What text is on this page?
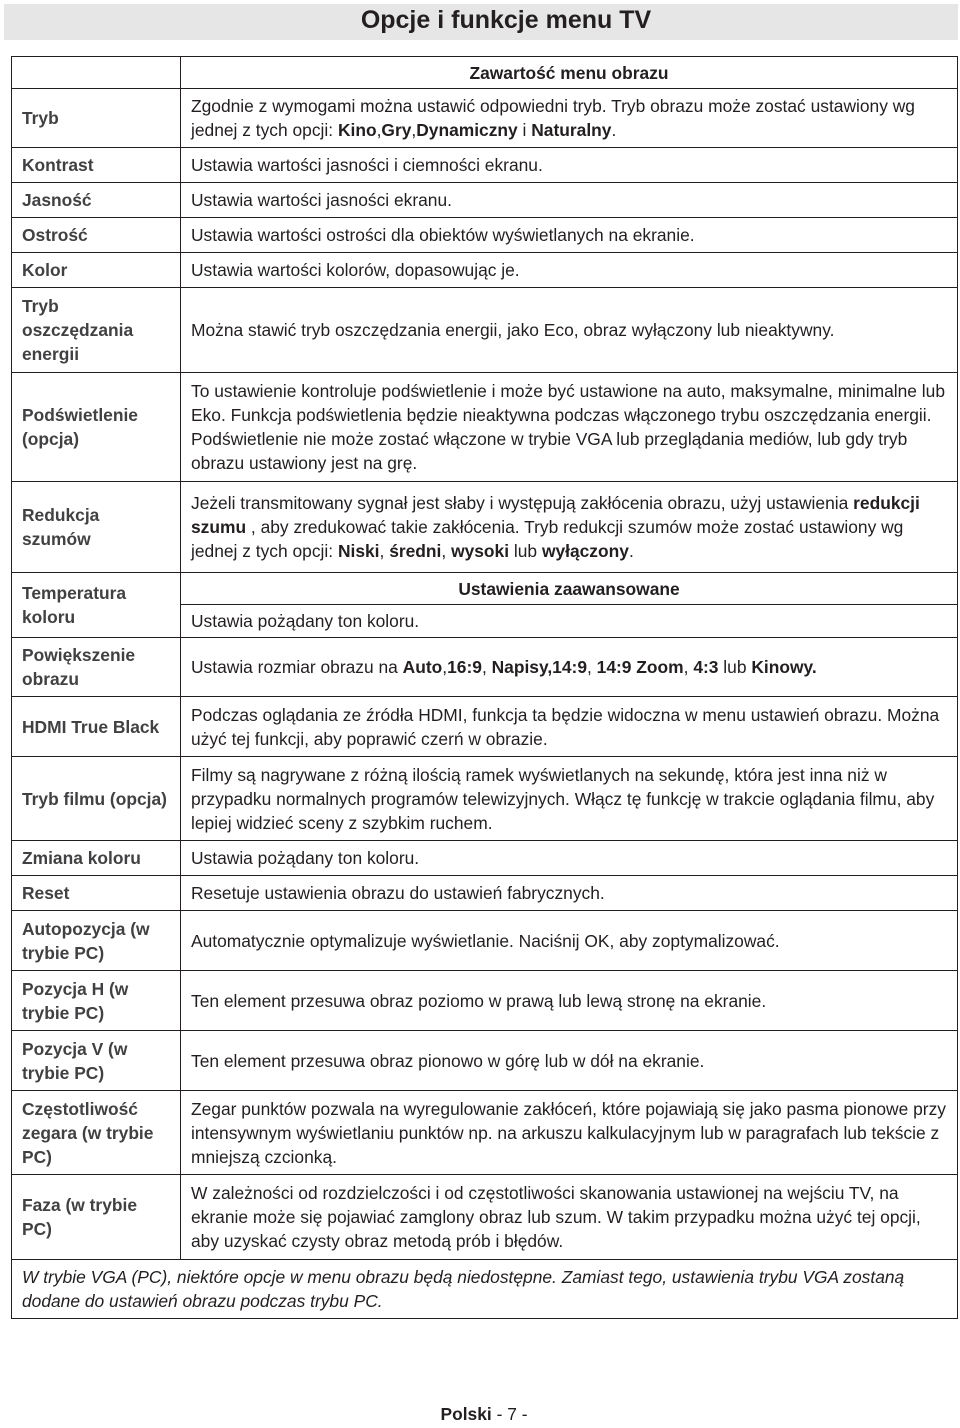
Opcje i funkcje menu TV
	Zawartość menu obrazu
Tryb	Zgodnie z wymogami można ustawić odpowiedni tryb. Tryb obrazu może zostać ustawiony wg jednej z tych opcji: Kino,Gry,Dynamiczny i Naturalny.
Kontrast	Ustawia wartości jasności i ciemności ekranu.
Jasność	Ustawia wartości jasności ekranu.
Ostrość	Ustawia wartości ostrości dla obiektów wyświetlanych na ekranie.
Kolor	Ustawia wartości kolorów, dopasowując je.
Tryb oszczędzania energii	Można stawić tryb oszczędzania energii, jako Eco, obraz wyłączony lub nieaktywny.
Podświetlenie (opcja)	To ustawienie kontroluje podświetlenie i może być ustawione na auto, maksymalne, minimalne lub Eko. Funkcja podświetlenia będzie nieaktywna podczas włączonego trybu oszczędzania energii. Podświetlenie nie może zostać włączone w trybie VGA lub przeglądania mediów, lub gdy tryb obrazu ustawiony jest na grę.
Redukcja szumów	Jeżeli transmitowany sygnał jest słaby i występują zakłócenia obrazu, użyj ustawienia redukcji szumu , aby zredukować takie zakłócenia. Tryb redukcji szumów może zostać ustawiony wg jednej z tych opcji: Niski, średni, wysoki lub wyłączony.
Temperatura koloru	Ustawienia zaawansowane
	Ustawia pożądany ton koloru.
Powiększenie obrazu	Ustawia rozmiar obrazu na Auto,16:9, Napisy,14:9, 14:9 Zoom, 4:3 lub Kinowy.
HDMI True Black	Podczas oglądania ze źródła HDMI, funkcja ta będzie widoczna w menu ustawień obrazu. Można użyć tej funkcji, aby poprawić czerń w obrazie.
Tryb filmu (opcja)	Filmy są nagrywane z różną ilością ramek wyświetlanych na sekundę, która jest inna niż w przypadku normalnych programów telewizyjnych. Włącz tę funkcję w trakcie oglądania filmu, aby lepiej widzieć sceny z szybkim ruchem.
Zmiana koloru	Ustawia pożądany ton koloru.
Reset	Resetuje ustawienia obrazu do ustawień fabrycznych.
Autopozycja (w trybie PC)	Automatycznie optymalizuje wyświetlanie. Naciśnij OK, aby zoptymalizować.
Pozycja H (w trybie PC)	Ten element przesuwa obraz poziomo w prawą lub lewą stronę na ekranie.
Pozycja V (w trybie PC)	Ten element przesuwa obraz pionowo w górę lub w dół na ekranie.
Częstotliwość zegara (w trybie PC)	Zegar punktów pozwala na wyregulowanie zakłóceń, które pojawiają się jako pasma pionowe przy intensywnym wyświetlaniu punktów np. na arkuszu kalkulacyjnym lub w paragrafach lub tekście z mniejszą czcionką.
Faza (w trybie PC)	W zależności od rozdzielczości i od częstotliwości skanowania ustawionej na wejściu TV, na ekranie może się pojawiać zamglony obraz lub szum. W takim przypadku można użyć tej opcji, aby uzyskać czysty obraz metodą prób i błędów.
W trybie VGA (PC), niektóre opcje w menu obrazu będą niedostępne. Zamiast tego, ustawienia trybu VGA zostaną dodane do ustawień obrazu podczas trybu PC.	
Polski - 7 -
